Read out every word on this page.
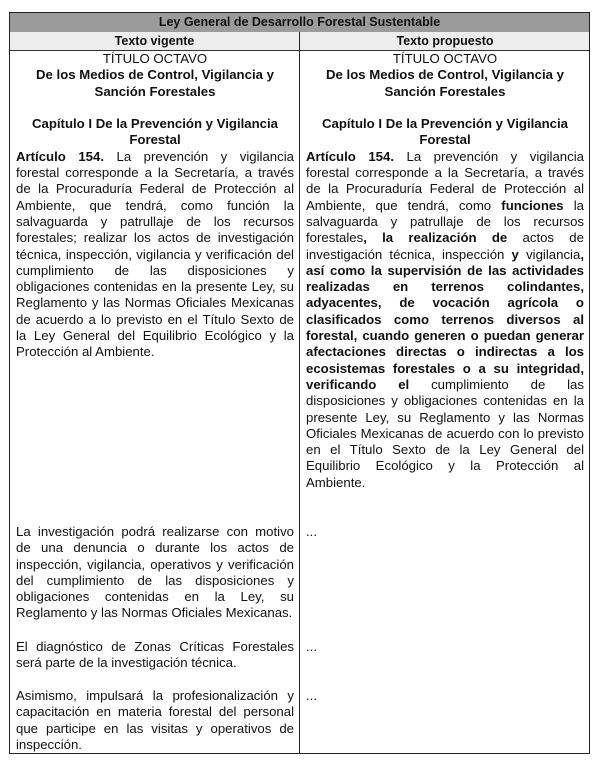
Ley General de Desarrollo Forestal Sustentable
Texto vigente	Texto propuesto
TÍTULO OCTAVO
De los Medios de Control, Vigilancia y Sanción Forestales
Capítulo I De la Prevención y Vigilancia Forestal
Artículo 154. La prevención y vigilancia forestal corresponde a la Secretaría, a través de la Procuraduría Federal de Protección al Ambiente, que tendrá, como función la salvaguarda y patrullaje de los recursos forestales; realizar los actos de investigación técnica, inspección, vigilancia y verificación del cumplimiento de las disposiciones y obligaciones contenidas en la presente Ley, su Reglamento y las Normas Oficiales Mexicanas de acuerdo a lo previsto en el Título Sexto de la Ley General del Equilibrio Ecológico y la Protección al Ambiente.
La investigación podrá realizarse con motivo de una denuncia o durante los actos de inspección, vigilancia, operativos y verificación del cumplimiento de las disposiciones y obligaciones contenidas en la Ley, su Reglamento y las Normas Oficiales Mexicanas.
El diagnóstico de Zonas Críticas Forestales será parte de la investigación técnica.
Asimismo, impulsará la profesionalización y capacitación en materia forestal del personal que participe en las visitas y operativos de inspección.
TÍTULO OCTAVO
De los Medios de Control, Vigilancia y Sanción Forestales
Capítulo I De la Prevención y Vigilancia Forestal
Artículo 154. La prevención y vigilancia forestal corresponde a la Secretaría, a través de la Procuraduría Federal de Protección al Ambiente, que tendrá, como funciones la salvaguarda y patrullaje de los recursos forestales, la realización de actos de investigación técnica, inspección y vigilancia, así como la supervisión de las actividades realizadas en terrenos colindantes, adyacentes, de vocación agrícola o clasificados como terrenos diversos al forestal, cuando generen o puedan generar afectaciones directas o indirectas a los ecosistemas forestales o a su integridad, verificando el cumplimiento de las disposiciones y obligaciones contenidas en la presente Ley, su Reglamento y las Normas Oficiales Mexicanas de acuerdo con lo previsto en el Título Sexto de la Ley General del Equilibrio Ecológico y la Protección al Ambiente.
...
...
...
